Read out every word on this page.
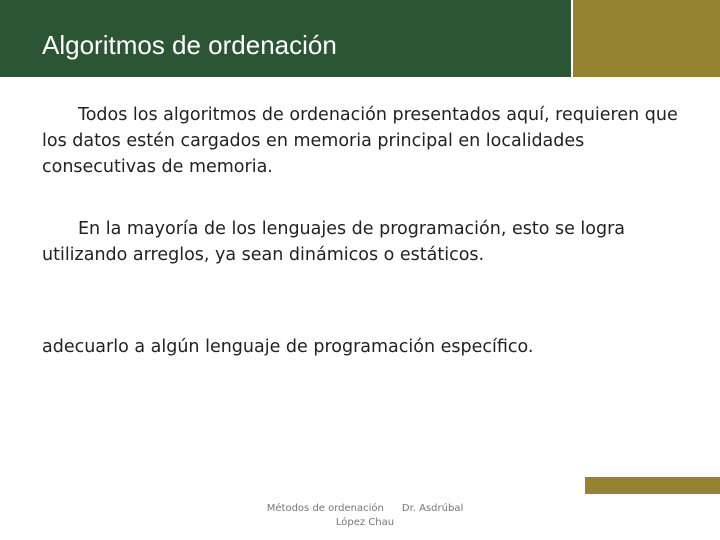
Algoritmos de ordenación

Todos los algoritmos de ordenación presentados aquí, requieren que los datos estén cargados en memoria principal en localidades consecutivas de memoria.

En la mayoría de los lenguajes de programación, esto se logra utilizando arreglos, ya sean dinámicos o estáticos.

adecuarlo a algún lenguaje de programación específico.

Métodos de ordenación Dr. Asdrúbal
López Chau
